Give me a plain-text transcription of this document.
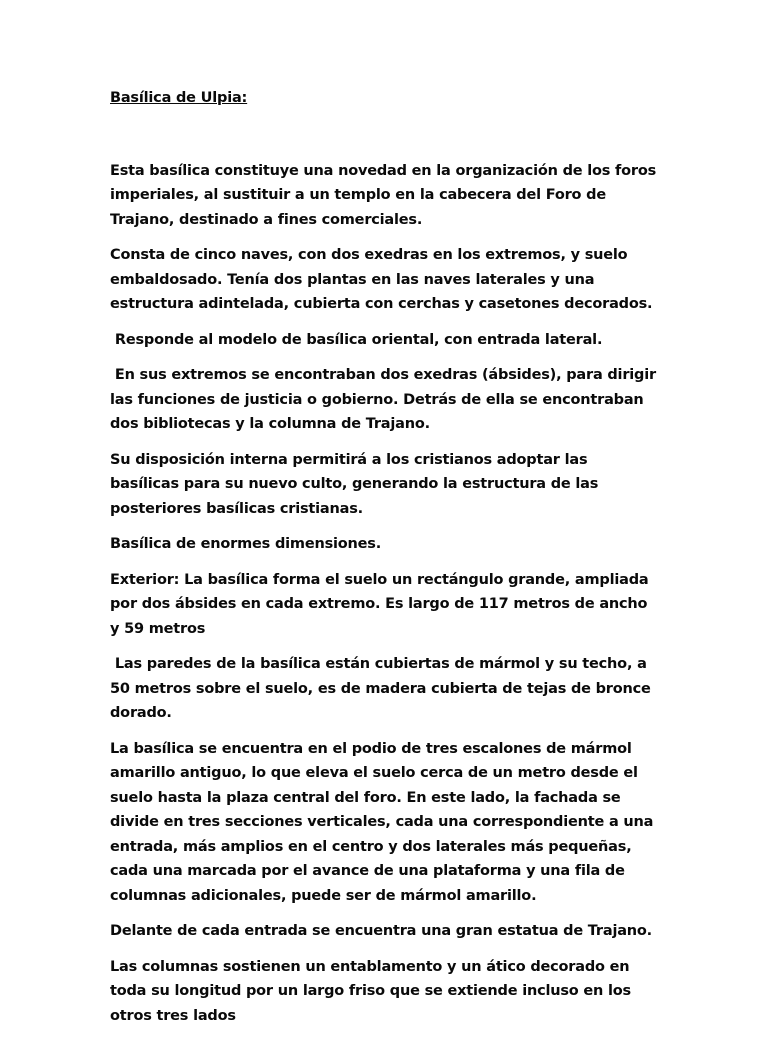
Basílica de Ulpia:

Esta basílica constituye una novedad en la organización de los foros imperiales, al sustituir a un templo en la cabecera del Foro de Trajano, destinado a fines comerciales.

Consta de cinco naves, con dos exedras en los extremos, y suelo embaldosado. Tenía dos plantas en las naves laterales y una estructura adintelada, cubierta con cerchas y casetones decorados.

Responde al modelo de basílica oriental, con entrada lateral.

En sus extremos se encontraban dos exedras (ábsides), para dirigir las funciones de justicia o gobierno. Detrás de ella se encontraban dos bibliotecas y la columna de Trajano.

Su disposición interna permitirá a los cristianos adoptar las basílicas para su nuevo culto, generando la estructura de las posteriores basílicas cristianas.

Basílica de enormes dimensiones.

Exterior: La basílica forma el suelo un rectángulo grande, ampliada por dos ábsides en cada extremo. Es largo de 117 metros de ancho y 59 metros

Las paredes de la basílica están cubiertas de mármol y su techo, a 50 metros sobre el suelo, es de madera cubierta de tejas de bronce dorado.

La basílica se encuentra en el podio de tres escalones de mármol amarillo antiguo, lo que eleva el suelo cerca de un metro desde el suelo hasta la plaza central del foro. En este lado, la fachada se divide en tres secciones verticales, cada una correspondiente a una entrada, más amplios en el centro y dos laterales más pequeñas, cada una marcada por el avance de una plataforma y una fila de columnas adicionales, puede ser de mármol amarillo.

Delante de cada entrada se encuentra una gran estatua de Trajano.

Las columnas sostienen un entablamento y un ático decorado en toda su longitud por un largo friso que se extiende incluso en los otros tres lados
